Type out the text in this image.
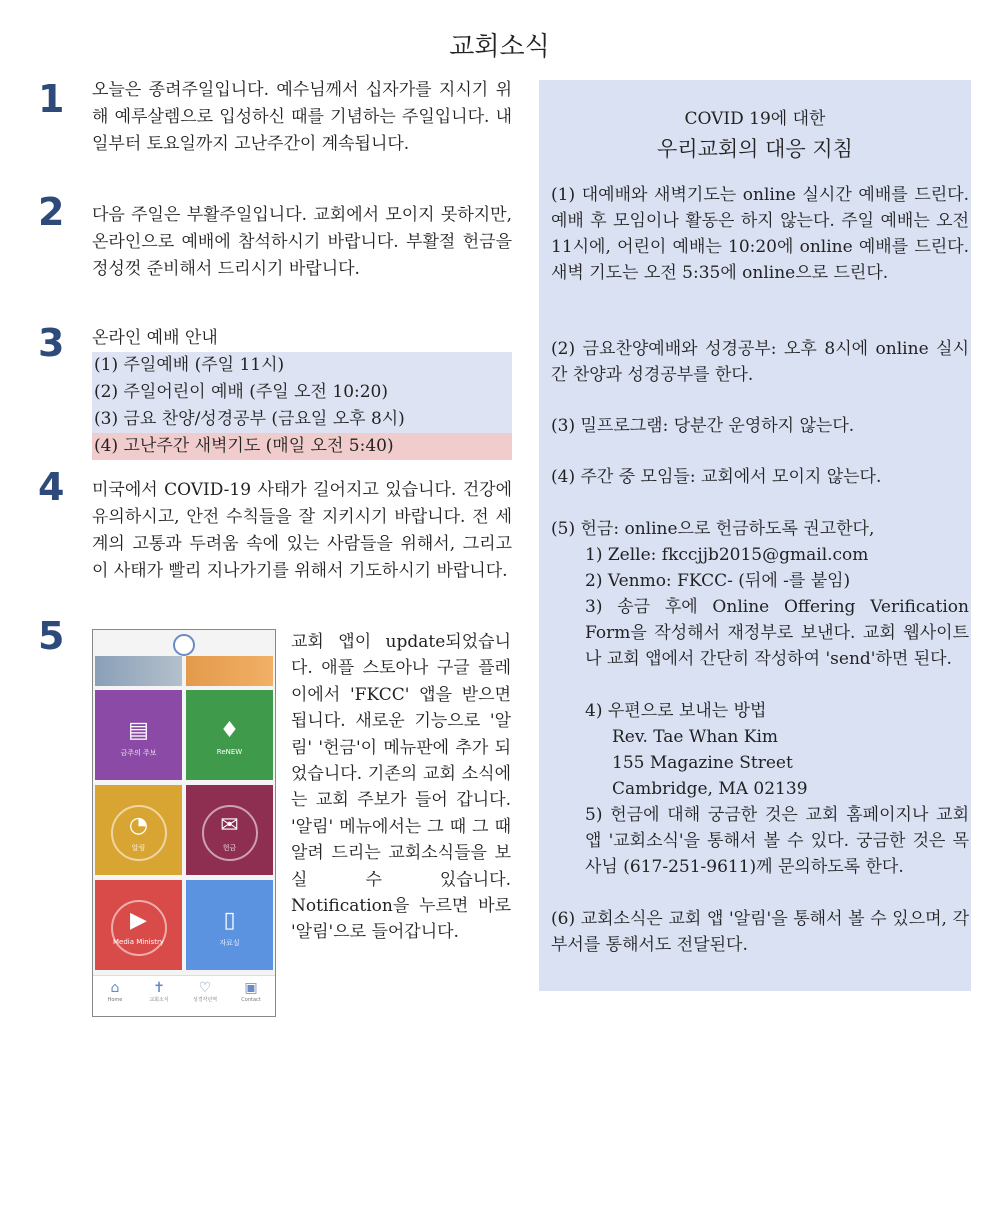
교회소식
1 오늘은 종려주일입니다. 예수님께서 십자가를 지시기 위해 예루살렘으로 입성하신 때를 기념하는 주일입니다. 내일부터 토요일까지 고난주간이 계속됩니다.
2 다음 주일은 부활주일입니다. 교회에서 모이지 못하지만, 온라인으로 예배에 참석하시기 바랍니다. 부활절 헌금을 정성껏 준비해서 드리시기 바랍니다.
3 온라인 예배 안내
(1) 주일예배 (주일 11시)
(2) 주일어린이 예배 (주일 오전 10:20)
(3) 금요 찬양/성경공부 (금요일 오후 8시)
(4) 고난주간 새벽기도 (매일 오전 5:40)
4 미국에서 COVID-19 사태가 길어지고 있습니다. 건강에 유의하시고, 안전 수칙들을 잘 지키시기 바랍니다. 전 세계의 고통과 두려움 속에 있는 사람들을 위해서, 그리고 이 사태가 빨리 지나가기를 위해서 기도하시기 바랍니다.
5
▤
금주의 주보
♦
ReNEW
◔
알림
✉
헌금
▶
Media Ministry
▯
자료실
⌂
Home
✝
교회소식
♡
성경각년역
▣
Contact
교회 앱이 update되었습니다. 애플 스토아나 구글 플레이에서 'FKCC' 앱을 받으면 됩니다. 새로운 기능으로 '알림' '헌금'이 메뉴판에 추가 되었습니다. 기존의 교회 소식에는 교회 주보가 들어 갑니다. '알림' 메뉴에서는 그 때 그 때 알려 드리는 교회소식들을 보실 수 있습니다. Notification을 누르면 바로 '알림'으로 들어갑니다.
COVID 19에 대한
우리교회의 대응 지침
(1) 대예배와 새벽기도는 online 실시간 예배를 드린다. 예배 후 모임이나 활동은 하지 않는다. 주일 예배는 오전 11시에, 어린이 예배는 10:20에 online 예배를 드린다. 새벽 기도는 오전 5:35에 online으로 드린다.
(2) 금요찬양예배와 성경공부: 오후 8시에 online 실시간 찬양과 성경공부를 한다.
(3) 밀프로그램: 당분간 운영하지 않는다.
(4) 주간 중 모임들: 교회에서 모이지 않는다.
(5) 헌금: online으로 헌금하도록 권고한다,
1) Zelle: fkccjjb2015@gmail.com
2) Venmo: FKCC- (뒤에 -를 붙임)
3) 송금 후에 Online Offering Verification Form을 작성해서 재정부로 보낸다. 교회 웹사이트나 교회 앱에서 간단히 작성하여 'send'하면 된다.
4) 우편으로 보내는 방법
Rev. Tae Whan Kim
155 Magazine Street
Cambridge, MA 02139
5) 헌금에 대해 궁금한 것은 교회 홈페이지나 교회 앱 '교회소식'을 통해서 볼 수 있다. 궁금한 것은 목사님 (617-251-9611)께 문의하도록 한다.
(6) 교회소식은 교회 앱 '알림'을 통해서 볼 수 있으며, 각 부서를 통해서도 전달된다.
